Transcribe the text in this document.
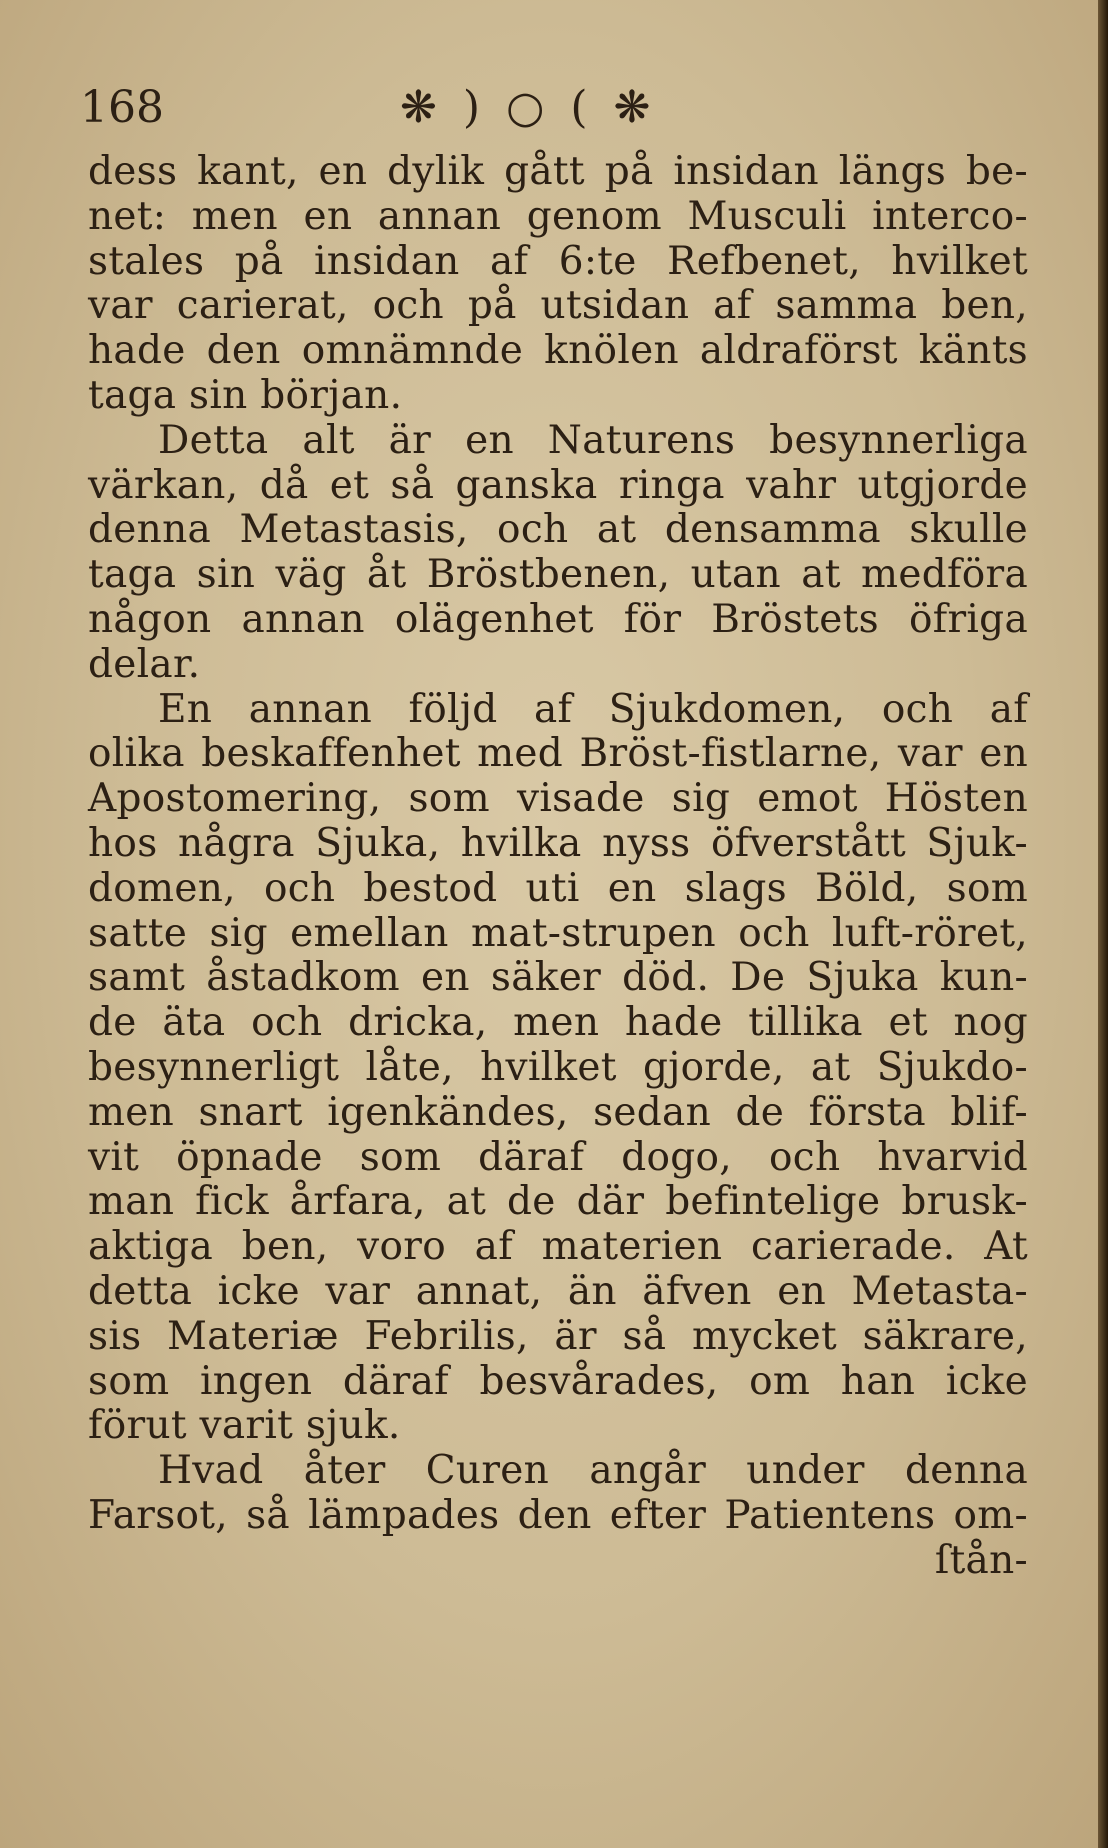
168	❋ ) ○ ( ❋
dess kant, en dylik gått på insidan längs be-
net: men en annan genom Musculi interco-
stales på insidan af 6:te Refbenet, hvilket
var carierat, och på utsidan af samma ben,
hade den omnämnde knölen aldraförst känts
taga sin början.
Detta alt är en Naturens besynnerliga
värkan, då et så ganska ringa vahr utgjorde
denna Metastasis, och at densamma skulle
taga sin väg åt Bröstbenen, utan at medföra
någon annan olägenhet för Bröstets öfriga
delar.
En annan följd af Sjukdomen, och af
olika beskaffenhet med Bröst-fistlarne, var en
Apostomering, som visade sig emot Hösten
hos några Sjuka, hvilka nyss öfverstått Sjuk-
domen, och bestod uti en slags Böld, som
satte sig emellan mat-strupen och luft-röret,
samt åstadkom en säker död. De Sjuka kun-
de äta och dricka, men hade tillika et nog
besynnerligt låte, hvilket gjorde, at Sjukdo-
men snart igenkändes, sedan de första blif-
vit öpnade som däraf dogo, och hvarvid
man fick årfara, at de där befintelige brusk-
aktiga ben, voro af materien carierade. At
detta icke var annat, än äfven en Metasta-
sis Materiæ Febrilis, är så mycket säkrare,
som ingen däraf besvårades, om han icke
förut varit sjuk.
Hvad åter Curen angår under denna
Farsot, så lämpades den efter Patientens om-
ſtån-
